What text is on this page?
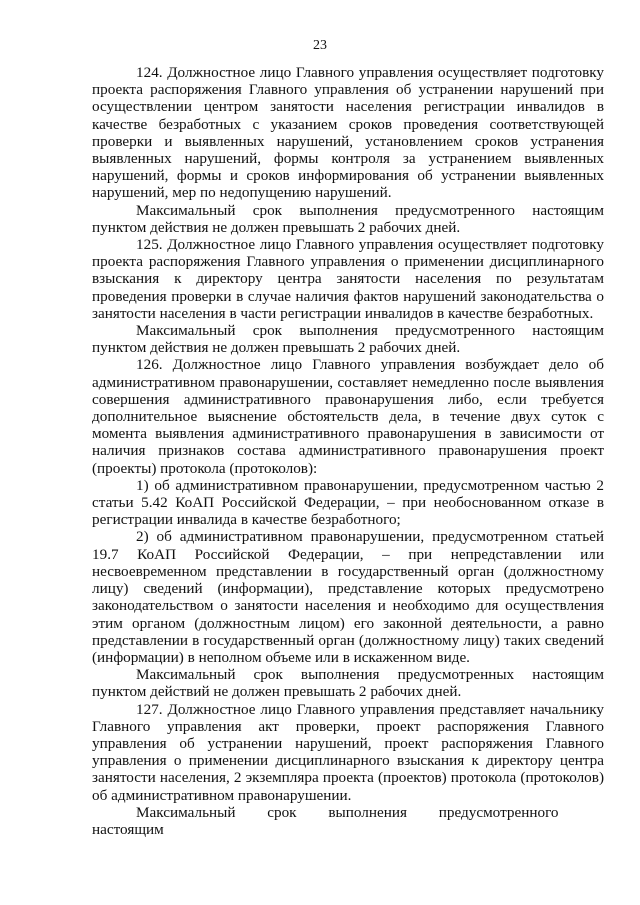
23

124. Должностное лицо Главного управления осуществляет подготовку проекта распоряжения Главного управления об устранении нарушений при осуществлении центром занятости населения регистрации инвалидов в качестве безработных с указанием сроков проведения соответствующей проверки и выявленных нарушений, установлением сроков устранения выявленных нарушений, формы контроля за устранением выявленных нарушений, формы и сроков информирования об устранении выявленных нарушений, мер по недопущению нарушений.

Максимальный срок выполнения предусмотренного настоящим пунктом действия не должен превышать 2 рабочих дней.

125. Должностное лицо Главного управления осуществляет подготовку проекта распоряжения Главного управления о применении дисциплинарного взыскания к директору центра занятости населения по результатам проведения проверки в случае наличия фактов нарушений законодательства о занятости населения в части регистрации инвалидов в качестве безработных.

Максимальный срок выполнения предусмотренного настоящим пунктом действия не должен превышать 2 рабочих дней.

126. Должностное лицо Главного управления возбуждает дело об административном правонарушении, составляет немедленно после выявления совершения административного правонарушения либо, если требуется дополнительное выяснение обстоятельств дела, в течение двух суток с момента выявления административного правонарушения в зависимости от наличия признаков состава административного правонарушения проект (проекты) протокола (протоколов):

1) об административном правонарушении, предусмотренном частью 2 статьи 5.42 КоАП Российской Федерации, – при необоснованном отказе в регистрации инвалида в качестве безработного;

2) об административном правонарушении, предусмотренном статьей 19.7 КоАП Российской Федерации, – при непредставлении или несвоевременном представлении в государственный орган (должностному лицу) сведений (информации), представление которых предусмотрено законодательством о занятости населения и необходимо для осуществления этим органом (должностным лицом) его законной деятельности, а равно представлении в государственный орган (должностному лицу) таких сведений (информации) в неполном объеме или в искаженном виде.

Максимальный срок выполнения предусмотренных настоящим пунктом действий не должен превышать 2 рабочих дней.

127. Должностное лицо Главного управления представляет начальнику Главного управления акт проверки, проект распоряжения Главного управления об устранении нарушений, проект распоряжения Главного управления о применении дисциплинарного взыскания к директору центра занятости населения, 2 экземпляра проекта (проектов) протокола (протоколов) об административном правонарушении.

Максимальный срок выполнения предусмотренного настоящим
